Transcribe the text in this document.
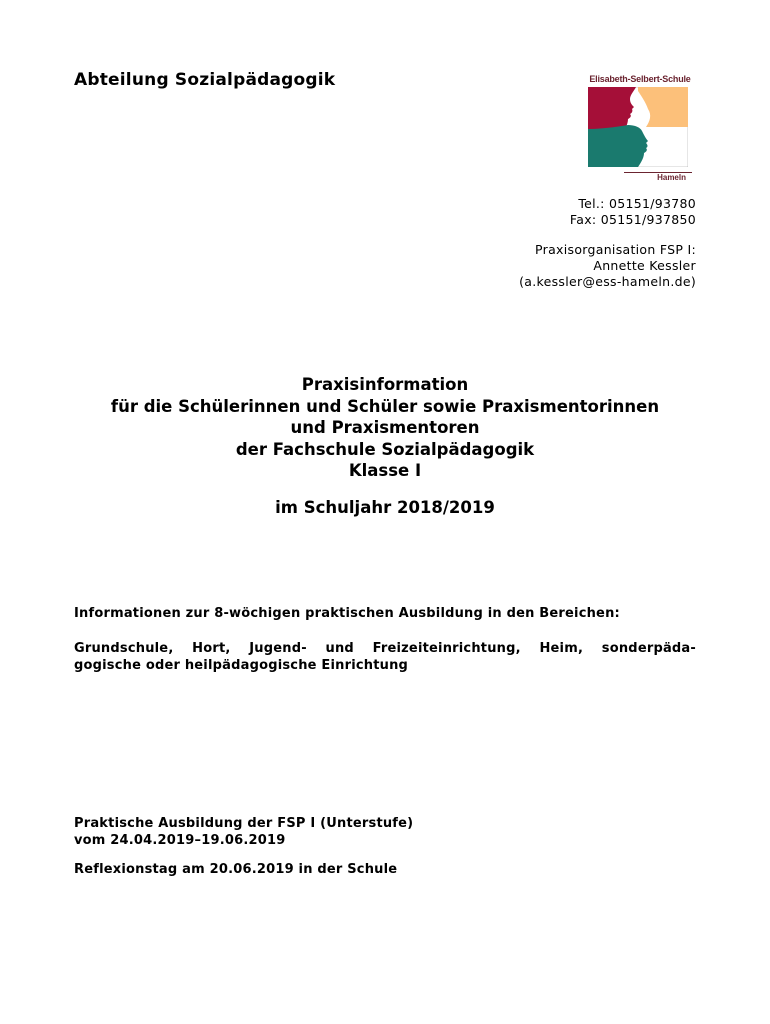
Abteilung Sozialpädagogik	Elisabeth-Selbert-Schule
Hameln
Tel.: 05151/93780
Fax: 05151/937850
Praxisorganisation FSP I:
Annette Kessler
(a.kessler@ess-hameln.de)
Praxisinformation
für die Schülerinnen und Schüler sowie Praxismentorinnen
und Praxismentoren
der Fachschule Sozialpädagogik
Klasse I
im Schuljahr 2018/2019
Informationen zur 8-wöchigen praktischen Ausbildung in den Bereichen:
Grundschule, Hort, Jugend- und Freizeiteinrichtung, Heim, sonderpäda-
gogische oder heilpädagogische Einrichtung
Praktische Ausbildung der FSP I (Unterstufe)
vom 24.04.2019–19.06.2019
Reflexionstag am 20.06.2019 in der Schule
